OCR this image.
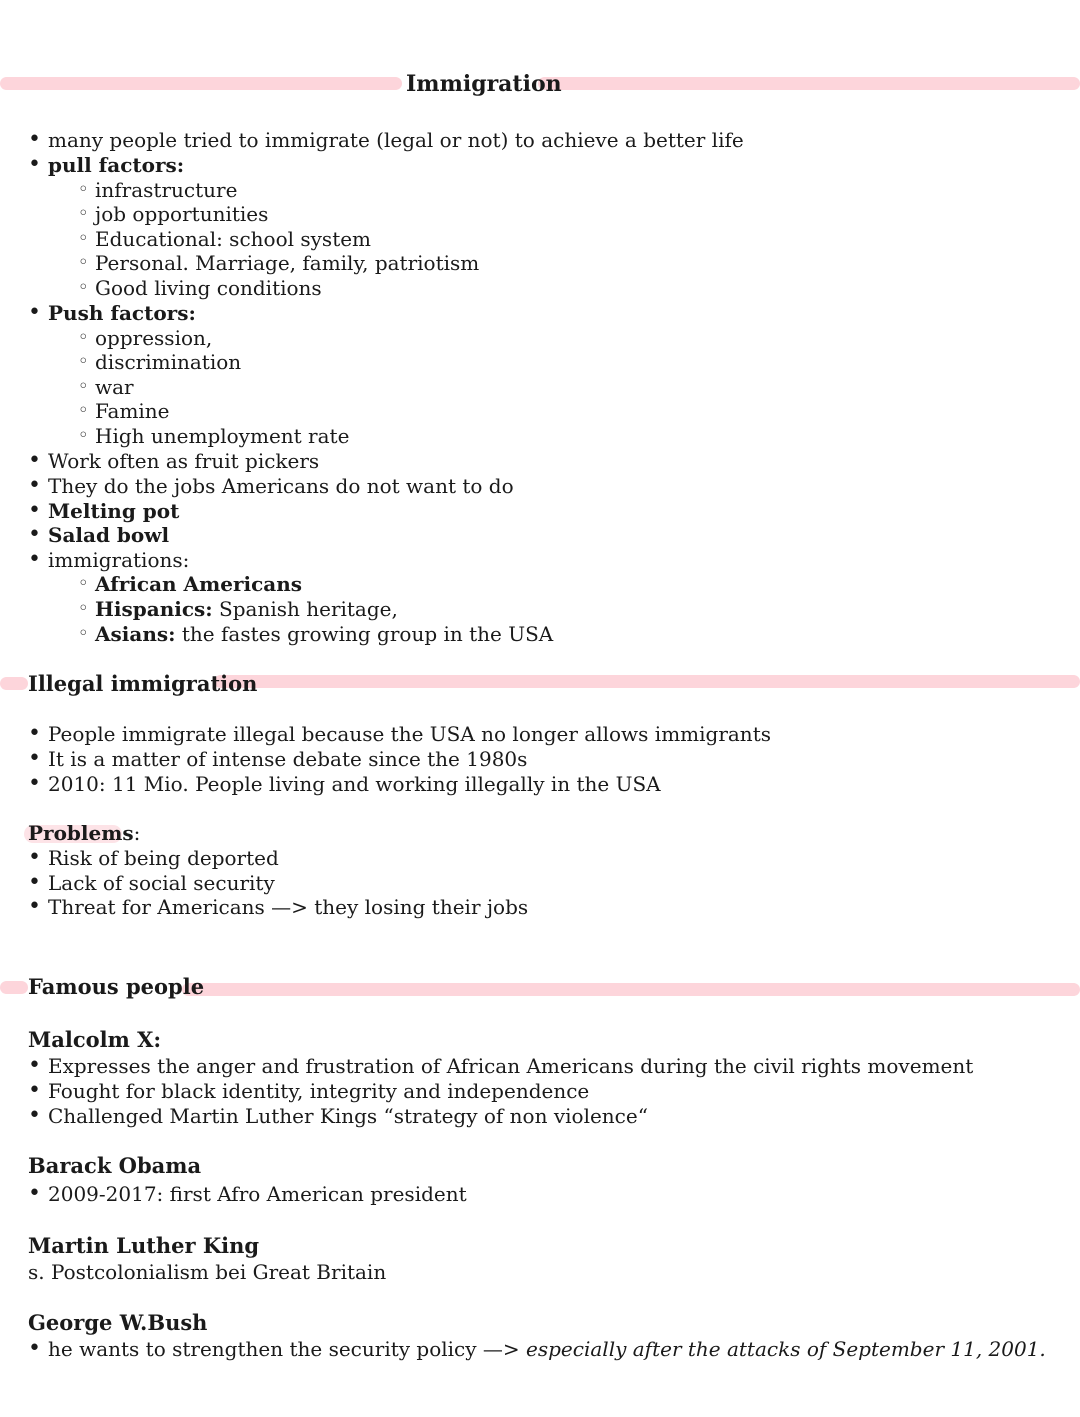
Immigration
many people tried to immigrate (legal or not) to achieve a better life
pull factors:
infrastructure
job opportunities
Educational: school system
Personal. Marriage, family, patriotism
Good living conditions
Push factors:
oppression,
discrimination
war
Famine
High unemployment rate
Work often as fruit pickers
They do the jobs Americans do not want to do
Melting pot
Salad bowl
immigrations:
African Americans
Hispanics: Spanish heritage,
Asians: the fastes growing group in the USA
Illegal immigration
People immigrate illegal because the USA no longer allows immigrants
It is a matter of intense debate since the 1980s
2010: 11 Mio. People living and working illegally in the USA
Problems:
Risk of being deported
Lack of social security
Threat for Americans —> they losing their jobs
Famous people
Malcolm X:
Expresses the anger and frustration of African Americans during the civil rights movement
Fought for black identity, integrity and independence
Challenged Martin Luther Kings “strategy of non violence“
Barack Obama
2009-2017: first Afro American president
Martin Luther King
s. Postcolonialism bei Great Britain
George W.Bush
he wants to strengthen the security policy —> especially after the attacks of September 11, 2001.
